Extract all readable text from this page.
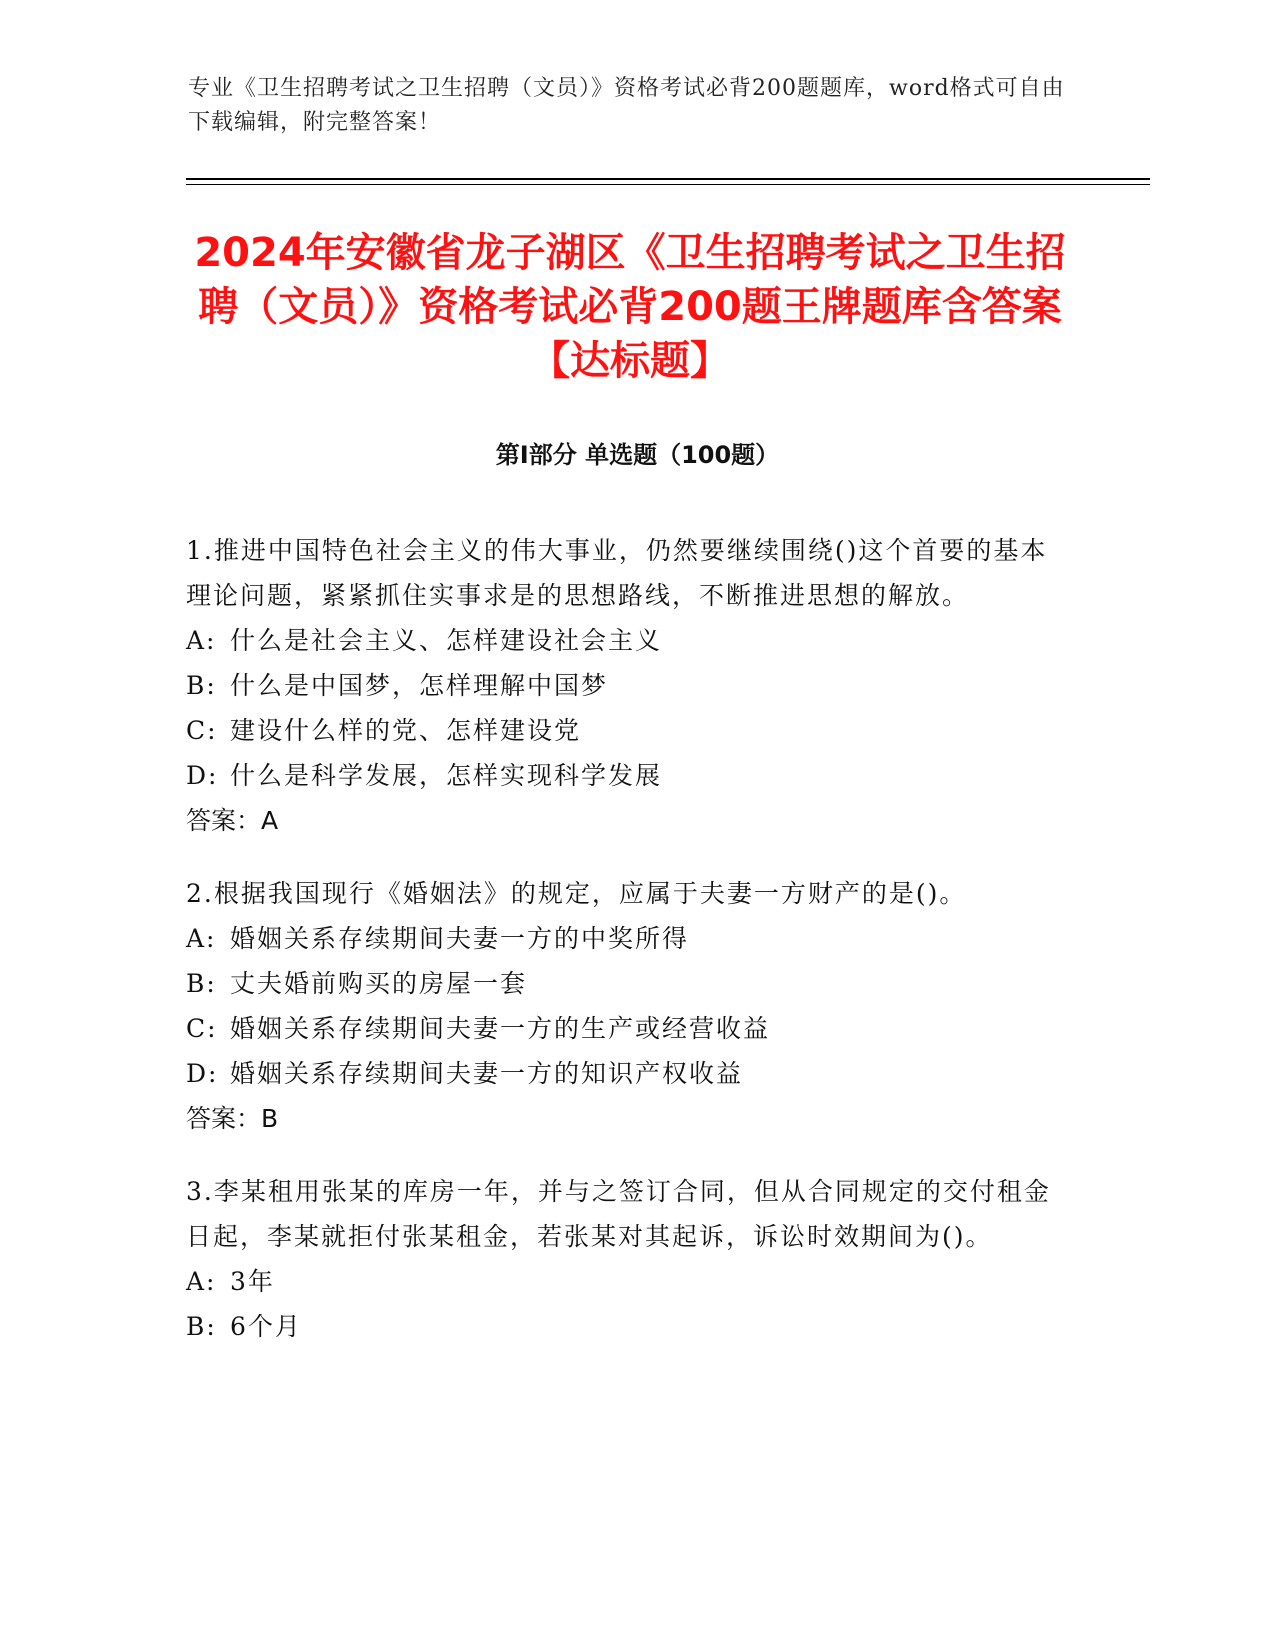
专业《卫生招聘考试之卫生招聘（文员）》资格考试必背200题题库，word格式可自由下载编辑，附完整答案！
2024年安徽省龙子湖区《卫生招聘考试之卫生招聘（文员）》资格考试必背200题王牌题库含答案【达标题】
第Ⅰ部分 单选题（100题）

1.推进中国特色社会主义的伟大事业，仍然要继续围绕()这个首要的基本理论问题，紧紧抓住实事求是的思想路线，不断推进思想的解放。

A: 什么是社会主义、怎样建设社会主义
B: 什么是中国梦，怎样理解中国梦
C: 建设什么样的党、怎样建设党
D: 什么是科学发展，怎样实现科学发展

答案：A

2.根据我国现行《婚姻法》的规定，应属于夫妻一方财产的是()。

A: 婚姻关系存续期间夫妻一方的中奖所得
B: 丈夫婚前购买的房屋一套
C: 婚姻关系存续期间夫妻一方的生产或经营收益
D: 婚姻关系存续期间夫妻一方的知识产权收益

答案：B

3.李某租用张某的库房一年，并与之签订合同，但从合同规定的交付租金日起，李某就拒付张某租金，若张某对其起诉，诉讼时效期间为()。

A: 3年
B: 6个月
